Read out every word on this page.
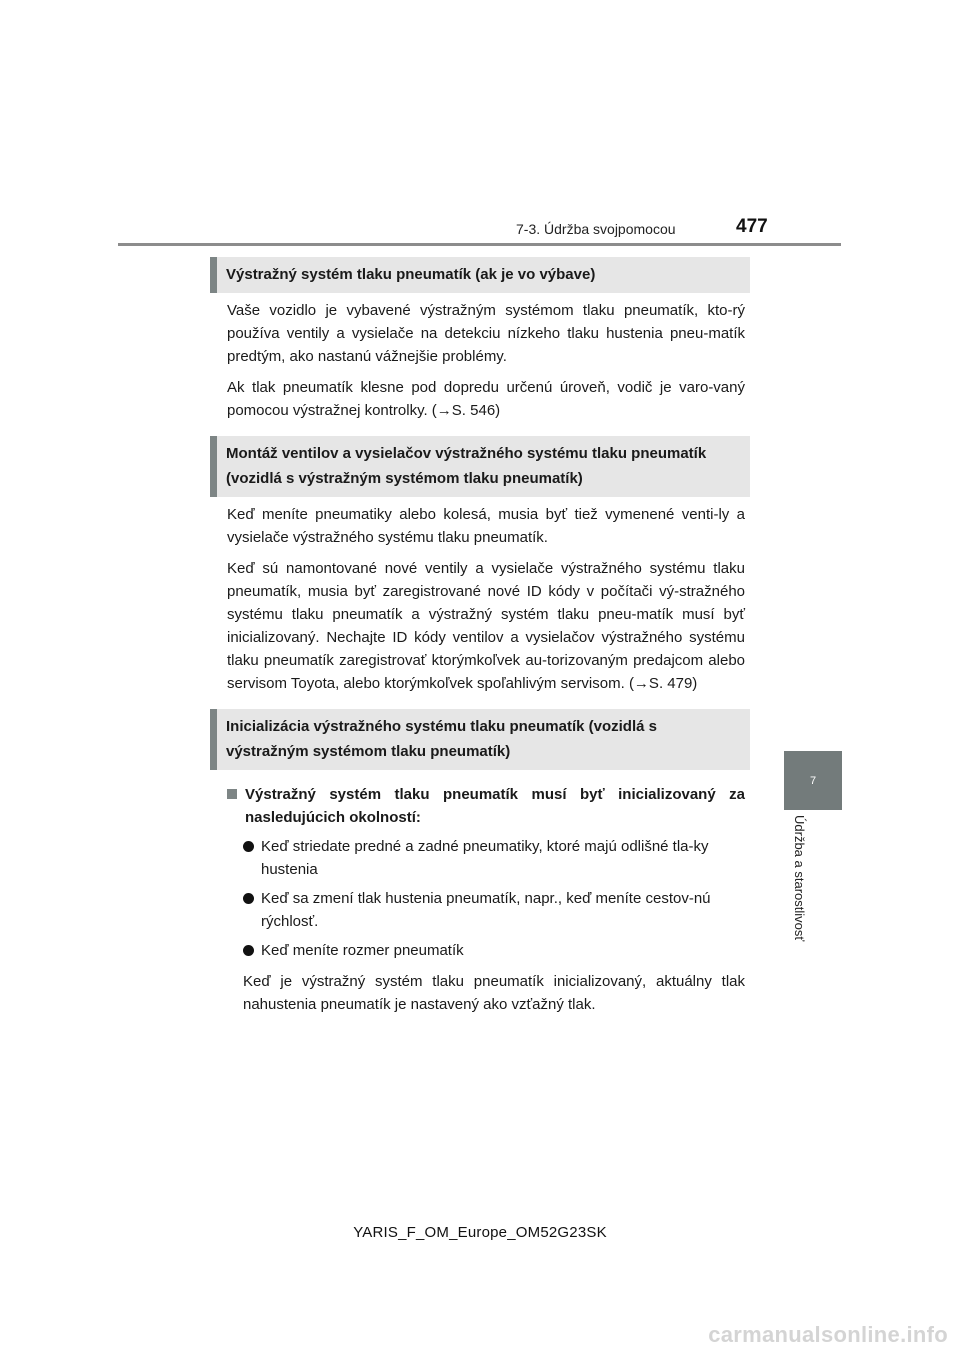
7-3. Údržba svojpomocou	477
7
Údržba a starostlivosť
Výstražný systém tlaku pneumatík (ak je vo výbave)

Vaše vozidlo je vybavené výstražným systémom tlaku pneumatík, kto-rý používa ventily a vysielače na detekciu nízkeho tlaku hustenia pneu-matík predtým, ako nastanú vážnejšie problémy.

Ak tlak pneumatík klesne pod dopredu určenú úroveň, vodič je varo-vaný pomocou výstražnej kontrolky. (→S. 546)

Montáž ventilov a vysielačov výstražného systému tlaku pneumatík (vozidlá s výstražným systémom tlaku pneumatík)

Keď meníte pneumatiky alebo kolesá, musia byť tiež vymenené venti-ly a vysielače výstražného systému tlaku pneumatík.

Keď sú namontované nové ventily a vysielače výstražného systému tlaku pneumatík, musia byť zaregistrované nové ID kódy v počítači vý-stražného systému tlaku pneumatík a výstražný systém tlaku pneu-matík musí byť inicializovaný. Nechajte ID kódy ventilov a vysielačov výstražného systému tlaku pneumatík zaregistrovať ktorýmkoľvek au-torizovaným predajcom alebo servisom Toyota, alebo ktorýmkoľvek spoľahlivým servisom. (→S. 479)

Inicializácia výstražného systému tlaku pneumatík (vozidlá s výstražným systémom tlaku pneumatík)
Výstražný systém tlaku pneumatík musí byť inicializovaný za nasledujúcich okolností:
Keď striedate predné a zadné pneumatiky, ktoré majú odlišné tla-ky hustenia
Keď sa zmení tlak hustenia pneumatík, napr., keď meníte cestov-nú rýchlosť.
Keď meníte rozmer pneumatík

Keď je výstražný systém tlaku pneumatík inicializovaný, aktuálny tlak nahustenia pneumatík je nastavený ako vzťažný tlak.

YARIS_F_OM_Europe_OM52G23SK
carmanualsonline.info
